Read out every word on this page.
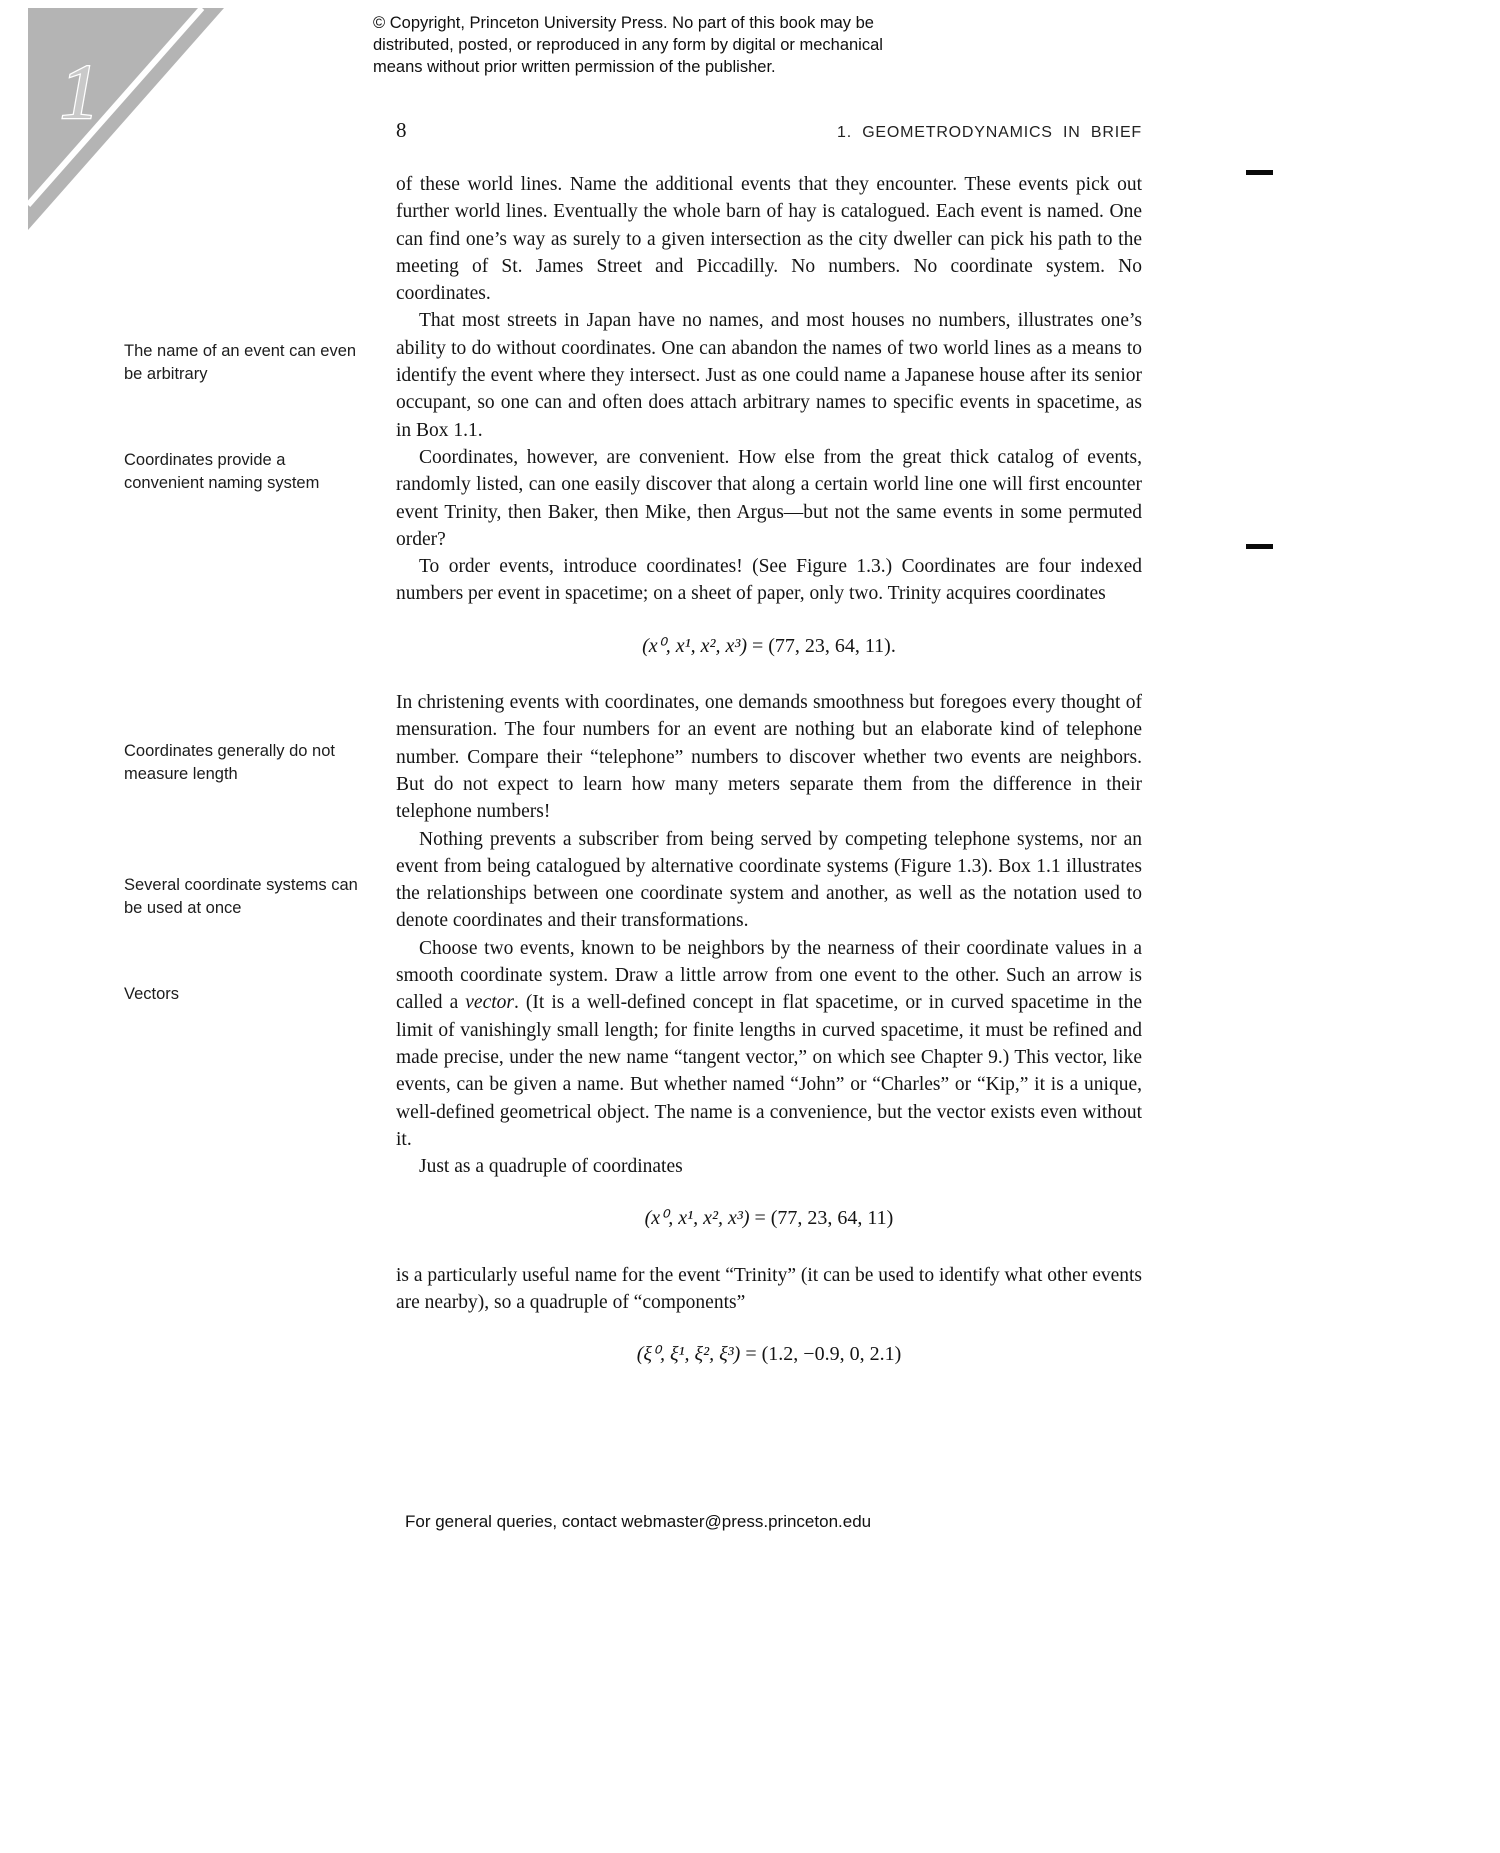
1
© Copyright, Princeton University Press. No part of this book may be distributed, posted, or reproduced in any form by digital or mechanical means without prior written permission of the publisher.
8	1. GEOMETRODYNAMICS IN BRIEF
The name of an event can even be arbitrary
Coordinates provide a convenient naming system
Coordinates generally do not measure length
Several coordinate systems can be used at once
Vectors

of these world lines. Name the additional events that they encounter. These events pick out further world lines. Eventually the whole barn of hay is catalogued. Each event is named. One can find one’s way as surely to a given intersection as the city dweller can pick his path to the meeting of St. James Street and Piccadilly. No numbers. No coordinate system. No coordinates.

That most streets in Japan have no names, and most houses no numbers, illustrates one’s ability to do without coordinates. One can abandon the names of two world lines as a means to identify the event where they intersect. Just as one could name a Japanese house after its senior occupant, so one can and often does attach arbitrary names to specific events in spacetime, as in Box 1.1.

Coordinates, however, are convenient. How else from the great thick catalog of events, randomly listed, can one easily discover that along a certain world line one will first encounter event Trinity, then Baker, then Mike, then Argus—but not the same events in some permuted order?

To order events, introduce coordinates! (See Figure 1.3.) Coordinates are four indexed numbers per event in spacetime; on a sheet of paper, only two. Trinity acquires coordinates

(x⁰, x¹, x², x³) = (77, 23, 64, 11).

In christening events with coordinates, one demands smoothness but foregoes every thought of mensuration. The four numbers for an event are nothing but an elaborate kind of telephone number. Compare their “telephone” numbers to discover whether two events are neighbors. But do not expect to learn how many meters separate them from the difference in their telephone numbers!

Nothing prevents a subscriber from being served by competing telephone systems, nor an event from being catalogued by alternative coordinate systems (Figure 1.3). Box 1.1 illustrates the relationships between one coordinate system and another, as well as the notation used to denote coordinates and their transformations.

Choose two events, known to be neighbors by the nearness of their coordinate values in a smooth coordinate system. Draw a little arrow from one event to the other. Such an arrow is called a vector. (It is a well-defined concept in flat spacetime, or in curved spacetime in the limit of vanishingly small length; for finite lengths in curved spacetime, it must be refined and made precise, under the new name “tangent vector,” on which see Chapter 9.) This vector, like events, can be given a name. But whether named “John” or “Charles” or “Kip,” it is a unique, well-defined geometrical object. The name is a convenience, but the vector exists even without it.

Just as a quadruple of coordinates

(x⁰, x¹, x², x³) = (77, 23, 64, 11)

is a particularly useful name for the event “Trinity” (it can be used to identify what other events are nearby), so a quadruple of “components”

(ξ⁰, ξ¹, ξ², ξ³) = (1.2, −0.9, 0, 2.1)
For general queries, contact webmaster@press.princeton.edu
